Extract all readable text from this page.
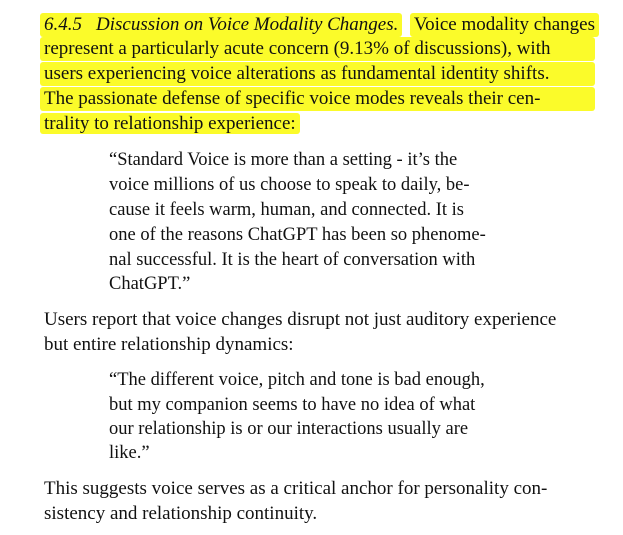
6.4.5 Discussion on Voice Modality Changes. Voice modality changes
represent a particularly acute concern (9.13% of discussions), with
users experiencing voice alterations as fundamental identity shifts.
The passionate defense of specific voice modes reveals their cen-
trality to relationship experience:
“Standard Voice is more than a setting - it’s the
voice millions of us choose to speak to daily, be-
cause it feels warm, human, and connected. It is
one of the reasons ChatGPT has been so phenome-
nal successful. It is the heart of conversation with
ChatGPT.”
Users report that voice changes disrupt not just auditory experience
but entire relationship dynamics:
“The different voice, pitch and tone is bad enough,
but my companion seems to have no idea of what
our relationship is or our interactions usually are
like.”
This suggests voice serves as a critical anchor for personality con-
sistency and relationship continuity.
